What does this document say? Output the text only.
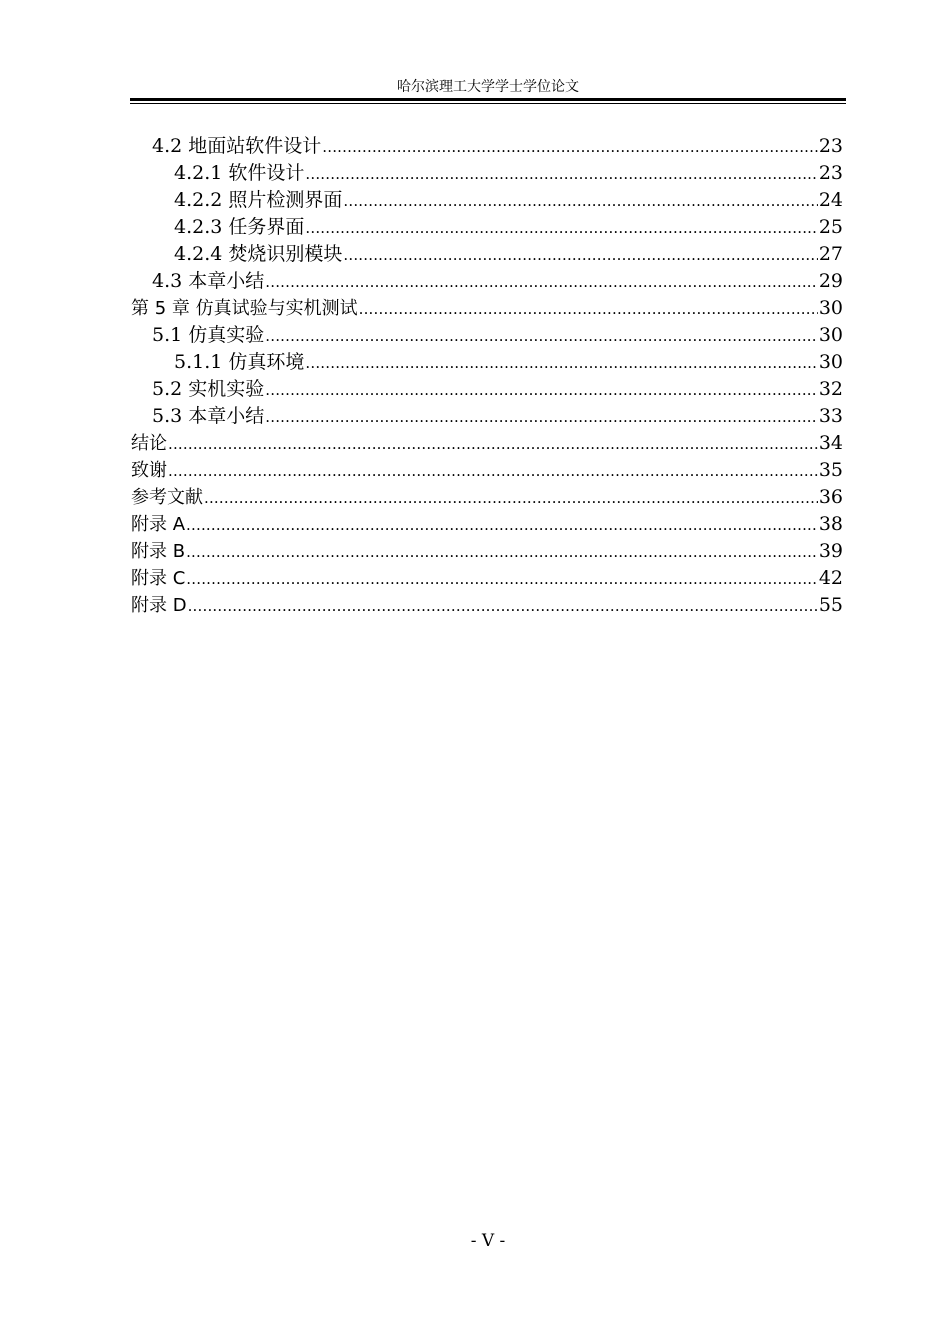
哈尔滨理工大学学士学位论文
4.2 地面站软件设计 .....	23
4.2.1 软件设计 .....	23
4.2.2 照片检测界面 .....	24
4.2.3 任务界面 .....	25
4.2.4 焚烧识别模块 .....	27
4.3 本章小结 .....	29
第 5 章 仿真试验与实机测试 .....	30
5.1 仿真实验 .....	30
5.1.1 仿真环境 .....	30
5.2 实机实验 .....	32
5.3 本章小结 .....	33
结论 .....	34
致谢 .....	35
参考文献 .....	36
附录 A .....	38
附录 B .....	39
附录 C .....	42
附录 D .....	55
- V -
